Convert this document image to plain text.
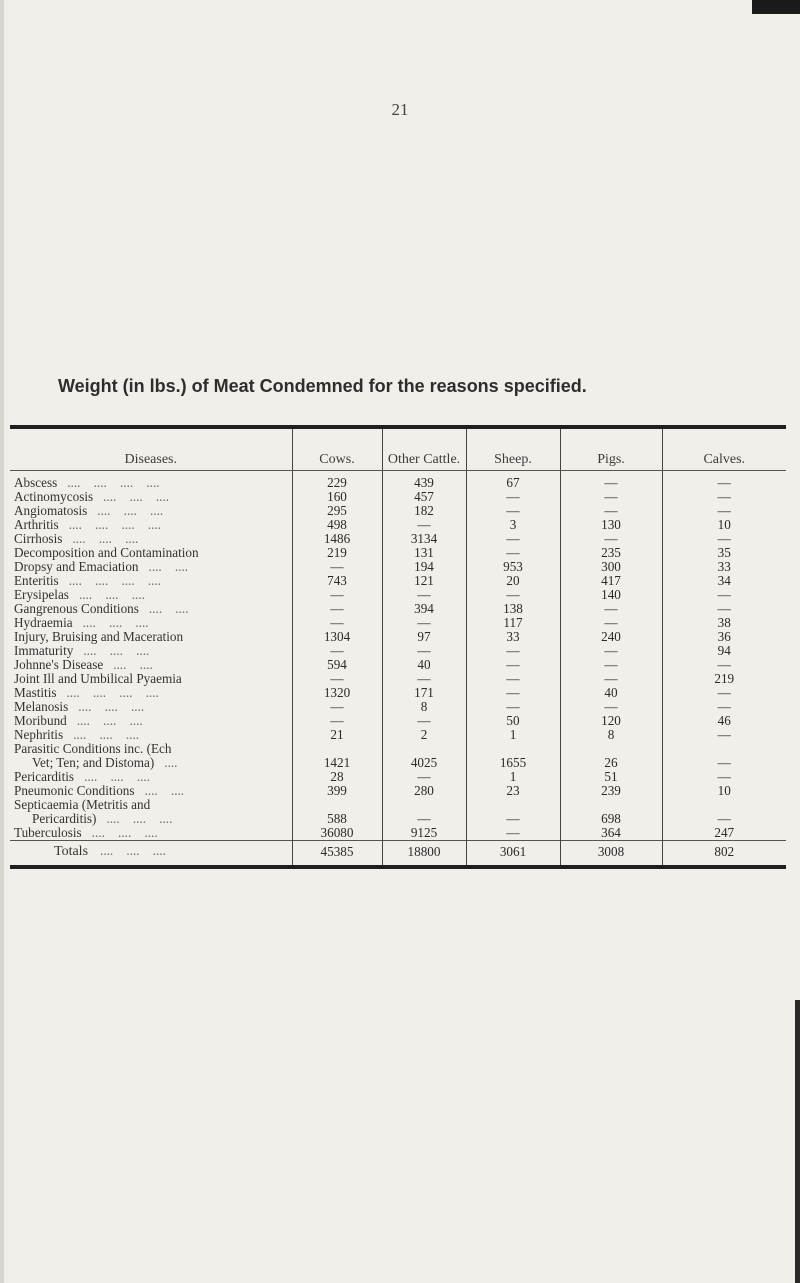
21
Weight (in lbs.) of Meat Condemned for the reasons specified.
Diseases.	Cows.	Other Cattle.	Sheep.	Pigs.	Calves.
Abscess ....    ....    ....    ....	229	439	67	—	—
Actinomycosis ....    ....    ....	160	457	—	—	—
Angiomatosis ....    ....    ....	295	182	—	—	—
Arthritis ....    ....    ....    ....	498	—	3	130	10
Cirrhosis ....    ....    ....	1486	3134	—	—	—
Decomposition and Contamination	219	131	—	235	35
Dropsy and Emaciation ....    ....	—	194	953	300	33
Enteritis ....    ....    ....    ....	743	121	20	417	34
Erysipelas ....    ....    ....	—	—	—	140	—
Gangrenous Conditions ....    ....	—	394	138	—	—
Hydraemia ....    ....    ....	—	—	117	—	38
Injury, Bruising and Maceration	1304	97	33	240	36
Immaturity ....    ....    ....	—	—	—	—	94
Johnne's Disease ....    ....	594	40	—	—	—
Joint Ill and Umbilical Pyaemia	—	—	—	—	219
Mastitis ....    ....    ....    ....	1320	171	—	40	—
Melanosis ....    ....    ....	—	8	—	—	—
Moribund ....    ....    ....	—	—	50	120	46
Nephritis ....    ....    ....	21	2	1	8	—
Parasitic Conditions inc. (Ech
Vet; Ten; and Distoma) ....	1421	4025	1655	26	—
Pericarditis ....    ....    ....	28	—	1	51	—
Pneumonic Conditions ....    ....	399	280	23	239	10
Septicaemia (Metritis and
Pericarditis) ....    ....    ....	588	—	—	698	—
Tuberculosis ....    ....    ....	36080	9125	—	364	247
Totals ....    ....    ....	45385	18800	3061	3008	802
